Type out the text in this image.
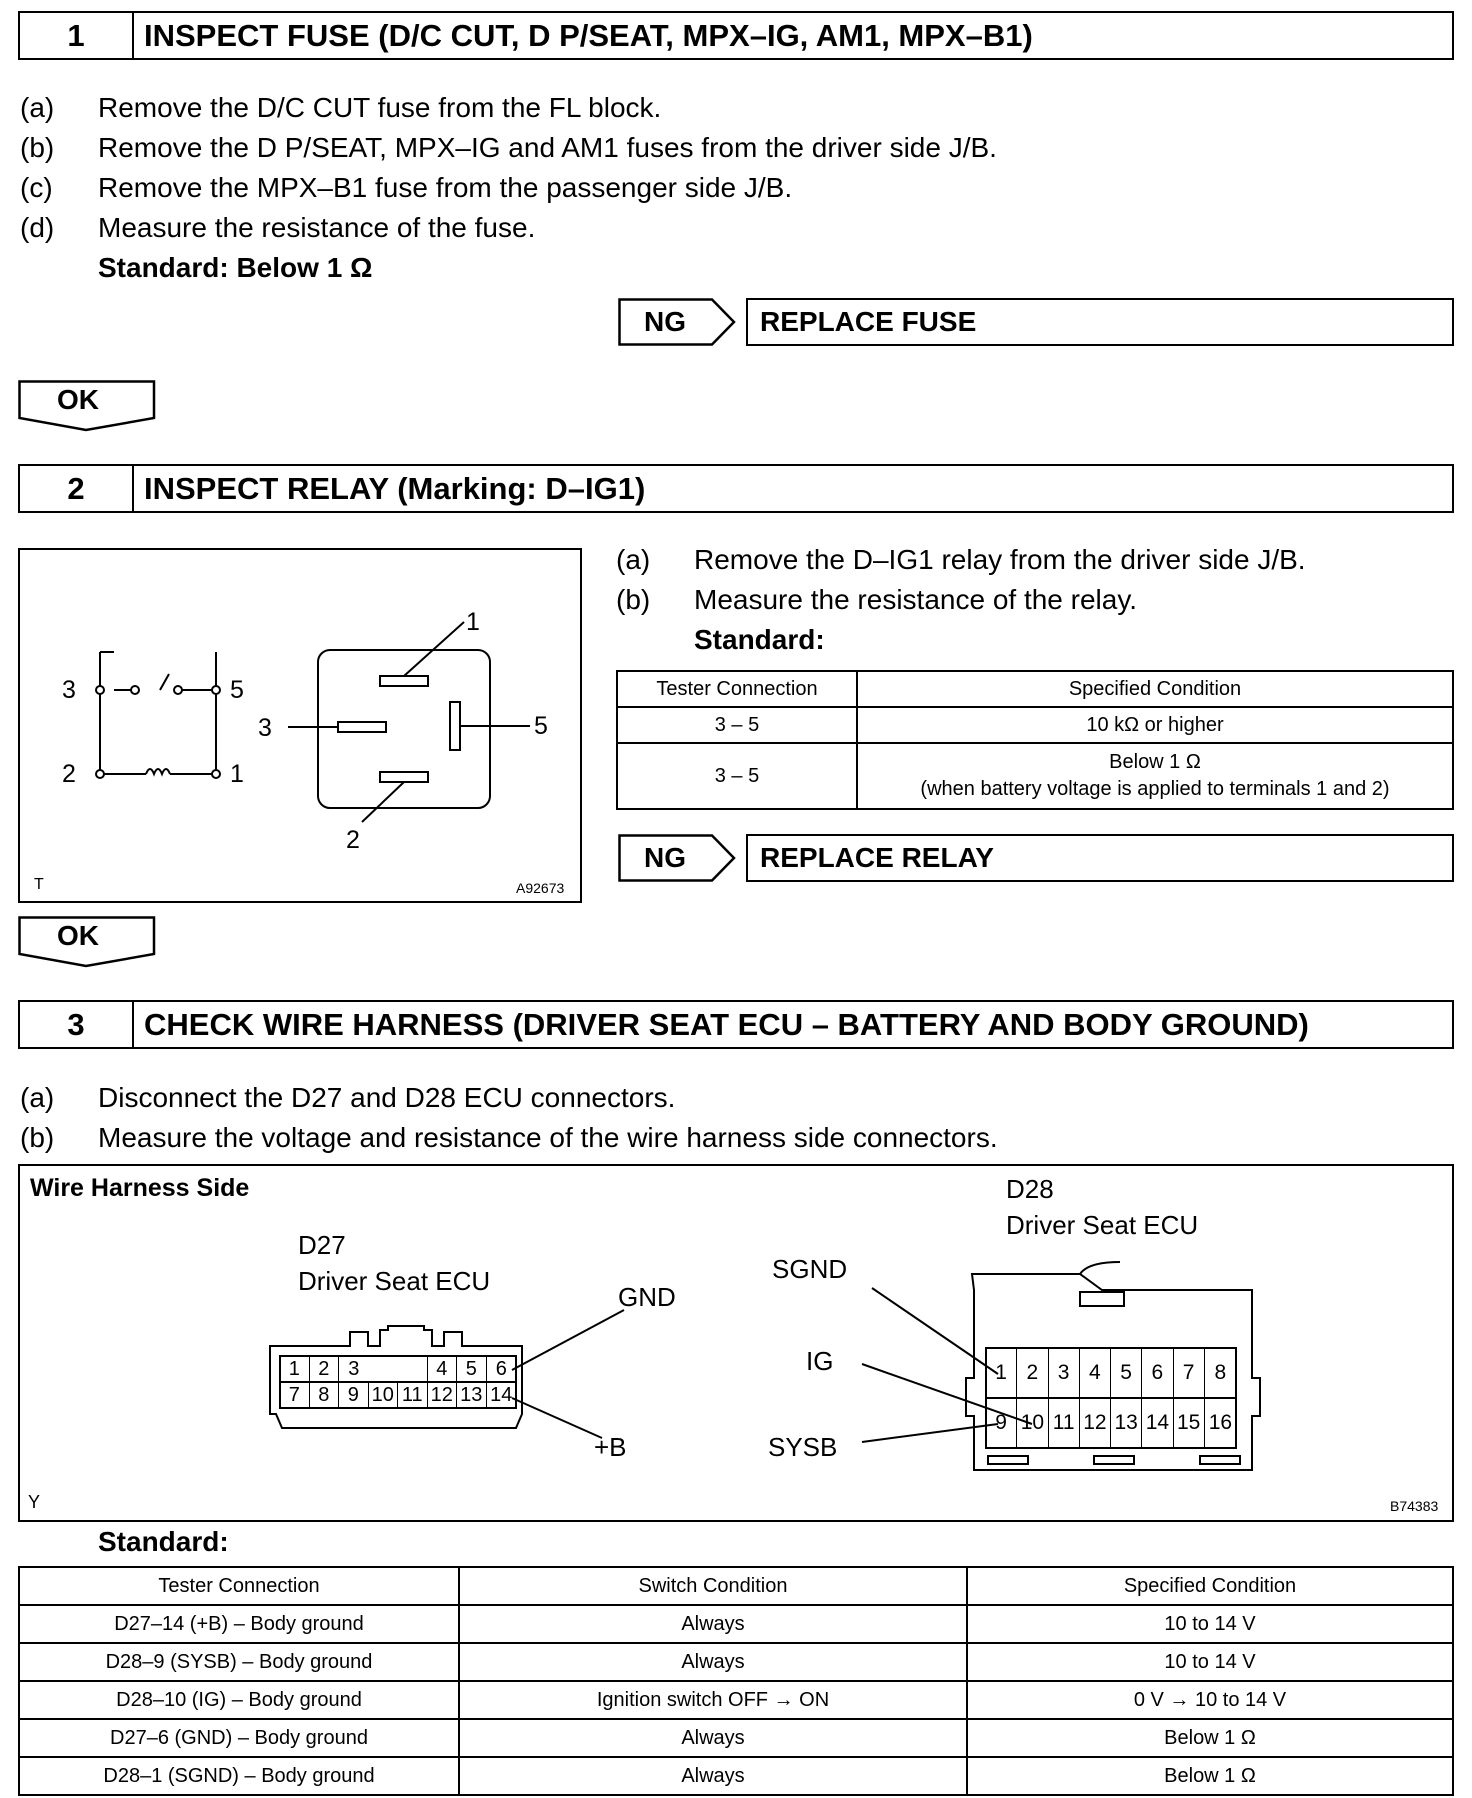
1	INSPECT FUSE (D/C CUT, D P/SEAT, MPX–IG, AM1, MPX–B1)
(a) Remove the D/C CUT fuse from the FL block.
(b) Remove the D P/SEAT, MPX–IG and AM1 fuses from the driver side J/B.
(c) Remove the MPX–B1 fuse from the passenger side J/B.
(d) Measure the resistance of the fuse.
Standard: Below 1 Ω
NG	REPLACE FUSE
OK
2	INSPECT RELAY (Marking: D–IG1)
3	5
2	1
1
3	5
2
T	A92673
(a) Remove the D–IG1 relay from the driver side J/B.
(b) Measure the resistance of the relay.
Standard:
Tester Connection	Specified Condition
3 – 5	10 kΩ or higher
3 – 5	Below 1 Ω
(when battery voltage is applied to terminals 1 and 2)
NG	REPLACE RELAY
OK
3	CHECK WIRE HARNESS (DRIVER SEAT ECU – BATTERY AND BODY GROUND)
(a) Disconnect the D27 and D28 ECU connectors.
(b) Measure the voltage and resistance of the wire harness side connectors.
Wire Harness Side
D27
Driver Seat ECU
1 2 3	4 5 6
7 8 9 10 11 12 13 14
GND
+B
D28
Driver Seat ECU
SGND
IG
SYSB
1 2 3 4 5 6 7 8
9 10 11 12 13 14 15 16
Y	B74383
Standard:
Tester Connection	Switch Condition	Specified Condition
D27–14 (+B) – Body ground	Always	10 to 14 V
D28–9 (SYSB) – Body ground	Always	10 to 14 V
D28–10 (IG) – Body ground	Ignition switch OFF → ON	0 V → 10 to 14 V
D27–6 (GND) – Body ground	Always	Below 1 Ω
D28–1 (SGND) – Body ground	Always	Below 1 Ω
